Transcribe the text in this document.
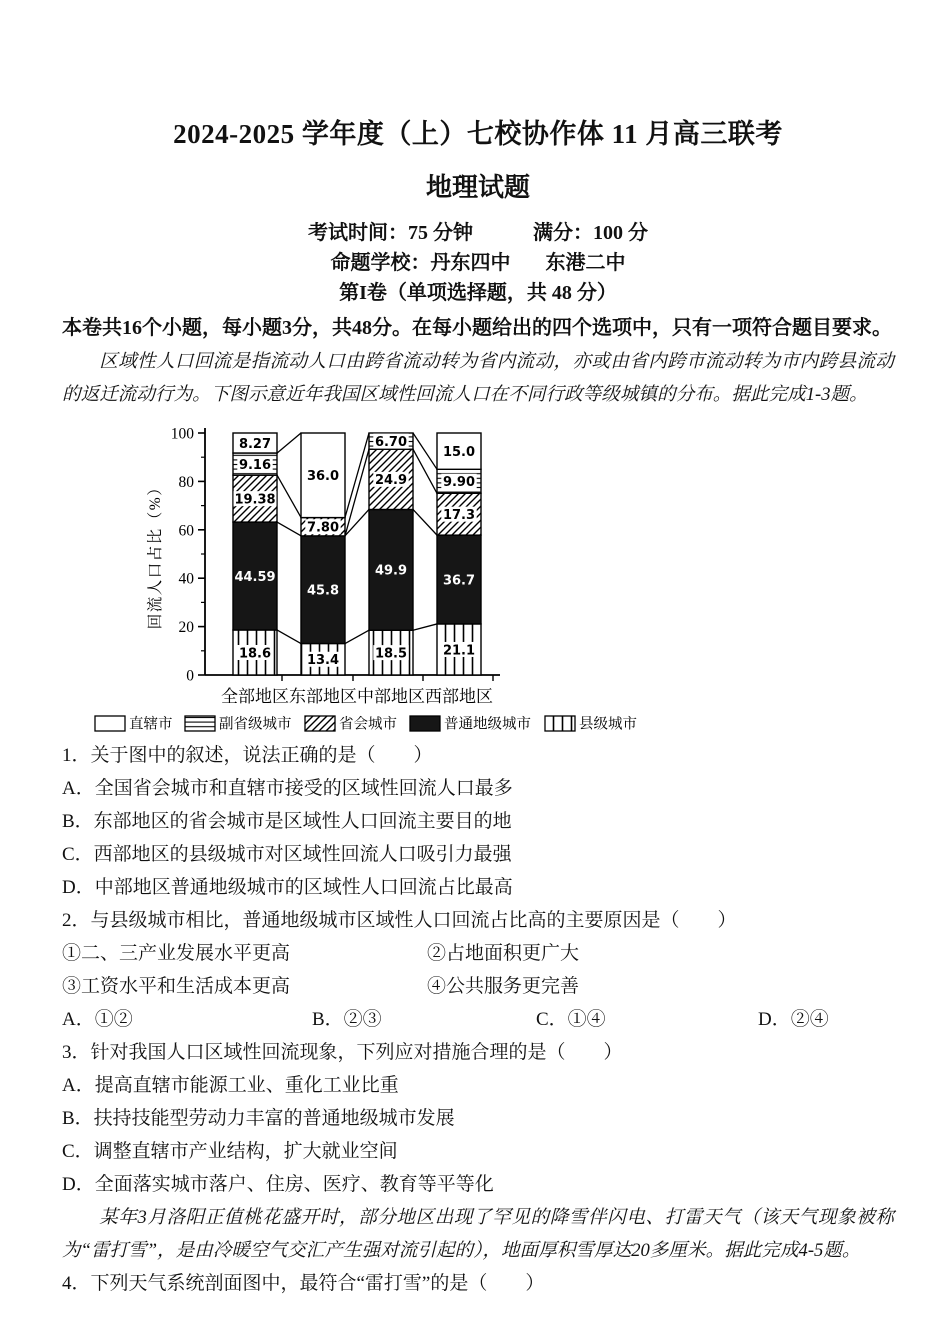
2024-2025 学年度（上）七校协作体 11 月高三联考
地理试题
考试时间：75 分钟	满分：100 分
命题学校：丹东四中 东港二中
第I卷（单项选择题，共 48 分）
本卷共16个小题，每小题3分，共48分。在每小题给出的四个选项中，只有一项符合题目要求。
区域性人口回流是指流动人口由跨省流动转为省内流动，亦或由省内跨市流动转为市内跨县流动的返迁流动行为。下图示意近年我国区域性回流人口在不同行政等级城镇的分布。据此完成1-3题。
0
20
40
60
80
100
回流人口占比（%）
18.6
44.59
19.38
9.16
8.27
全部地区
13.4
45.8
7.80
36.0
东部地区
18.5
49.9
24.9
6.70
中部地区
21.1
36.7
17.3
9.90
15.0
西部地区
直辖市	副省级城市	省会城市	普通地级城市	县级城市

1．关于图中的叙述，说法正确的是（　　）

A．全国省会城市和直辖市接受的区域性回流人口最多

B．东部地区的省会城市是区域性人口回流主要目的地

C．西部地区的县级城市对区域性回流人口吸引力最强

D．中部地区普通地级城市的区域性人口回流占比最高

2．与县级城市相比，普通地级城市区域性人口回流占比高的主要原因是（　　）

①二、三产业发展水平更高	②占地面积更广大

③工资水平和生活成本更高	④公共服务更完善

A．①②	B．②③	C．①④	D．②④

3．针对我国人口区域性回流现象，下列应对措施合理的是（　　）

A．提高直辖市能源工业、重化工业比重

B．扶持技能型劳动力丰富的普通地级城市发展

C．调整直辖市产业结构，扩大就业空间

D．全面落实城市落户、住房、医疗、教育等平等化

某年3月洛阳正值桃花盛开时，部分地区出现了罕见的降雪伴闪电、打雷天气（该天气现象被称为“雷打雪”，是由冷暖空气交汇产生强对流引起的），地面厚积雪厚达20多厘米。据此完成4-5题。

4．下列天气系统剖面图中，最符合“雷打雪”的是（　　）
